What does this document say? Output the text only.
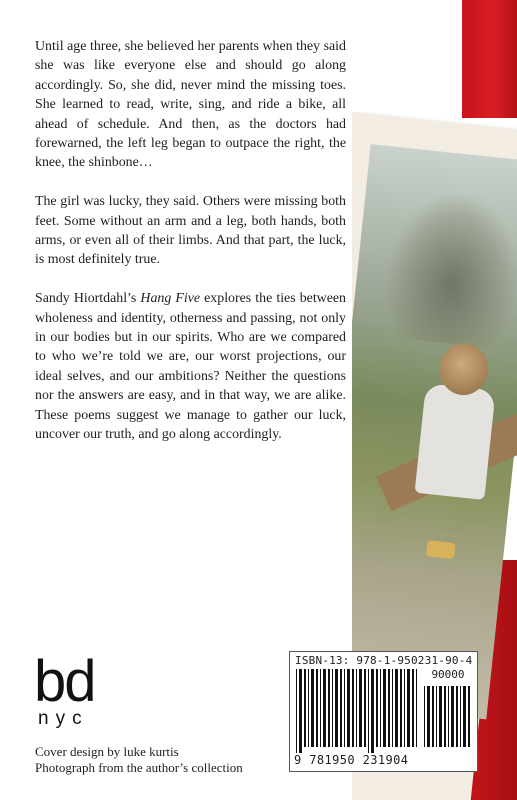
Until age three, she believed her parents when they said she was like everyone else and should go along accordingly. So, she did, never mind the missing toes. She learned to read, write, sing, and ride a bike, all ahead of schedule. And then, as the doctors had forewarned, the left leg began to outpace the right, the knee, the shinbone…

The girl was lucky, they said. Others were missing both feet. Some without an arm and a leg, both hands, both arms, or even all of their limbs. And that part, the luck, is most definitely true.

Sandy Hiortdahl’s Hang Five explores the ties between wholeness and identity, otherness and passing, not only in our bodies but in our spirits. Who are we compared to who we’re told we are, our worst projections, our ideal selves, and our ambitions? Neither the questions nor the answers are easy, and in that way, we are alike. These poems suggest we manage to gather our luck, uncover our truth, and go along accordingly.

bd
nyc
Cover design by luke kurtis
Photograph from the author’s collection
ISBN-13: 978-1-950231-90-4
90000
9 781950 231904
